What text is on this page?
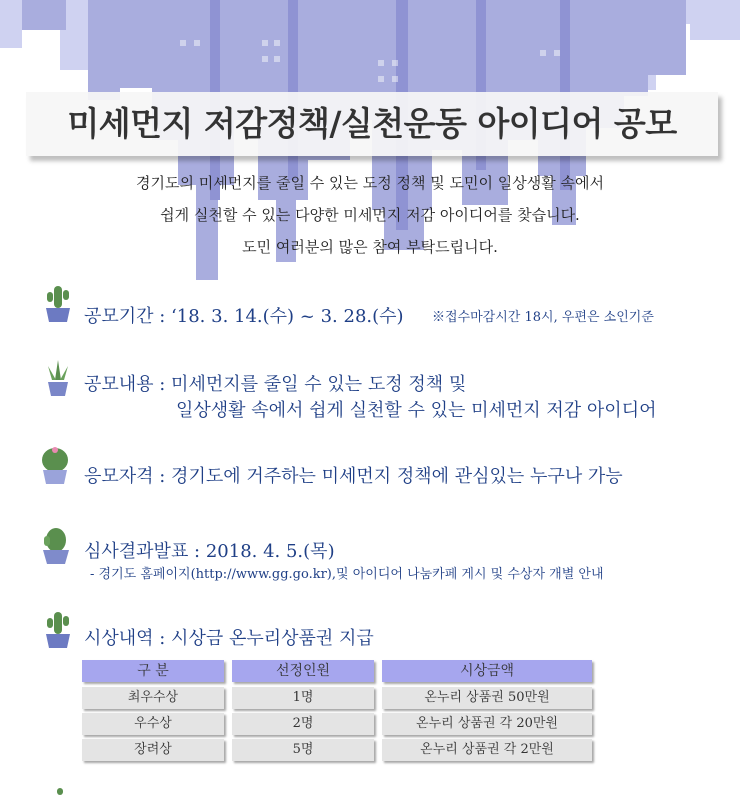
미세먼지 저감정책/실천운동 아이디어 공모
경기도의 미세먼지를 줄일 수 있는 도정 정책 및 도민이 일상생활 속에서
쉽게 실천할 수 있는 다양한 미세먼지 저감 아이디어를 찾습니다.
도민 여러분의 많은 참여 부탁드립니다.
공모기간 : ‘18. 3. 14.(수) ~ 3. 28.(수) ※접수마감시간 18시, 우편은 소인기준
공모내용 : 미세먼지를 줄일 수 있는 도정 정책 및
일상생활 속에서 쉽게 실천할 수 있는 미세먼지 저감 아이디어
응모자격 : 경기도에 거주하는 미세먼지 정책에 관심있는 누구나 가능
심사결과발표 : 2018. 4. 5.(목)
- 경기도 홈페이지(http://www.gg.go.kr),및 아이디어 나눔카페 게시 및 수상자 개별 안내
시상내역 : 시상금 온누리상품권 지급
구 분	선정인원	시상금액
최우수상	1명	온누리 상품권 50만원
우수상	2명	온누리 상품권 각 20만원
장려상	5명	온누리 상품권 각 2만원
